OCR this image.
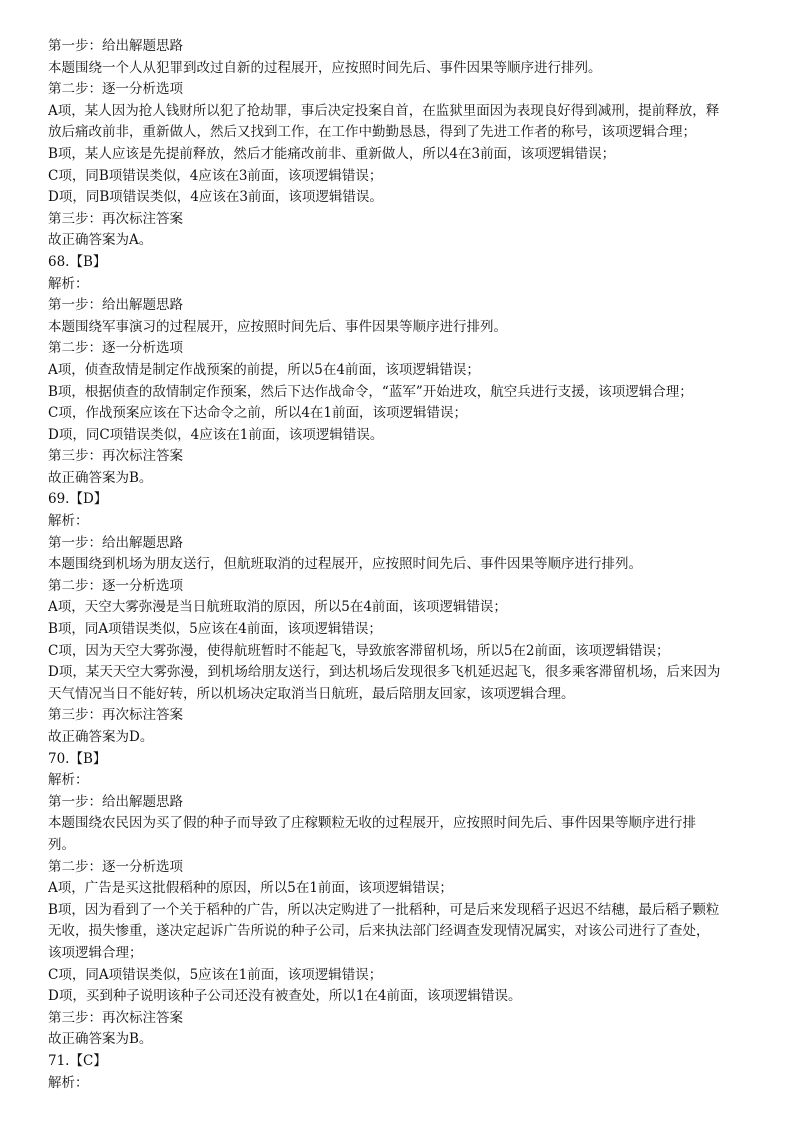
第一步：给出解题思路
本题围绕一个人从犯罪到改过自新的过程展开，应按照时间先后、事件因果等顺序进行排列。
第二步：逐一分析选项
A项，某人因为抢人钱财所以犯了抢劫罪，事后决定投案自首，在监狱里面因为表现良好得到减刑，提前释放，释
放后痛改前非，重新做人，然后又找到工作，在工作中勤勤恳恳，得到了先进工作者的称号，该项逻辑合理；
B项，某人应该是先提前释放，然后才能痛改前非、重新做人，所以4在3前面，该项逻辑错误；
C项，同B项错误类似，4应该在3前面，该项逻辑错误；
D项，同B项错误类似，4应该在3前面，该项逻辑错误。
第三步：再次标注答案
故正确答案为A。
68.【B】
解析：
第一步：给出解题思路
本题围绕军事演习的过程展开，应按照时间先后、事件因果等顺序进行排列。
第二步：逐一分析选项
A项，侦查敌情是制定作战预案的前提，所以5在4前面，该项逻辑错误；
B项，根据侦查的敌情制定作预案，然后下达作战命令，“蓝军”开始进攻，航空兵进行支援，该项逻辑合理；
C项，作战预案应该在下达命令之前，所以4在1前面，该项逻辑错误；
D项，同C项错误类似，4应该在1前面，该项逻辑错误。
第三步：再次标注答案
故正确答案为B。
69.【D】
解析：
第一步：给出解题思路
本题围绕到机场为朋友送行，但航班取消的过程展开，应按照时间先后、事件因果等顺序进行排列。
第二步：逐一分析选项
A项，天空大雾弥漫是当日航班取消的原因，所以5在4前面，该项逻辑错误；
B项，同A项错误类似，5应该在4前面，该项逻辑错误；
C项，因为天空大雾弥漫，使得航班暂时不能起飞，导致旅客滞留机场，所以5在2前面，该项逻辑错误；
D项，某天天空大雾弥漫，到机场给朋友送行，到达机场后发现很多飞机延迟起飞，很多乘客滞留机场，后来因为
天气情况当日不能好转，所以机场决定取消当日航班，最后陪朋友回家，该项逻辑合理。
第三步：再次标注答案
故正确答案为D。
70.【B】
解析：
第一步：给出解题思路
本题围绕农民因为买了假的种子而导致了庄稼颗粒无收的过程展开，应按照时间先后、事件因果等顺序进行排
列。
第二步：逐一分析选项
A项，广告是买这批假稻种的原因，所以5在1前面，该项逻辑错误；
B项，因为看到了一个关于稻种的广告，所以决定购进了一批稻种，可是后来发现稻子迟迟不结穗，最后稻子颗粒
无收，损失惨重，遂决定起诉广告所说的种子公司，后来执法部门经调查发现情况属实，对该公司进行了查处，
该项逻辑合理；
C项，同A项错误类似，5应该在1前面，该项逻辑错误；
D项，买到种子说明该种子公司还没有被查处，所以1在4前面，该项逻辑错误。
第三步：再次标注答案
故正确答案为B。
71.【C】
解析：
